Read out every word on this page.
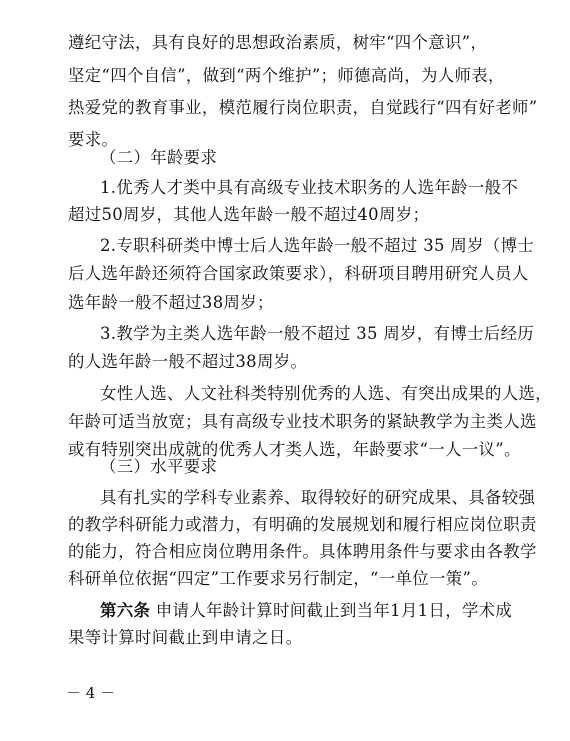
遵纪守法，具有良好的思想政治素质，树牢“四个意识”，
坚定“四个自信”，做到“两个维护”；师德高尚，为人师表，
热爱党的教育事业，模范履行岗位职责，自觉践行“四有好老师”
要求。
（二）年龄要求
1.优秀人才类中具有高级专业技术职务的人选年龄一般不
超过50周岁，其他人选年龄一般不超过40周岁；
2.专职科研类中博士后人选年龄一般不超过 35 周岁（博士
后人选年龄还须符合国家政策要求），科研项目聘用研究人员人
选年龄一般不超过38周岁；
3.教学为主类人选年龄一般不超过 35 周岁，有博士后经历
的人选年龄一般不超过38周岁。
女性人选、人文社科类特别优秀的人选、有突出成果的人选，
年龄可适当放宽；具有高级专业技术职务的紧缺教学为主类人选
或有特别突出成就的优秀人才类人选，年龄要求“一人一议”。
（三）水平要求
具有扎实的学科专业素养、取得较好的研究成果、具备较强
的教学科研能力或潜力，有明确的发展规划和履行相应岗位职责
的能力，符合相应岗位聘用条件。具体聘用条件与要求由各教学
科研单位依据“四定”工作要求另行制定，“一单位一策”。
第六条 申请人年龄计算时间截止到当年1月1日，学术成
果等计算时间截止到申请之日。
－ 4 －
